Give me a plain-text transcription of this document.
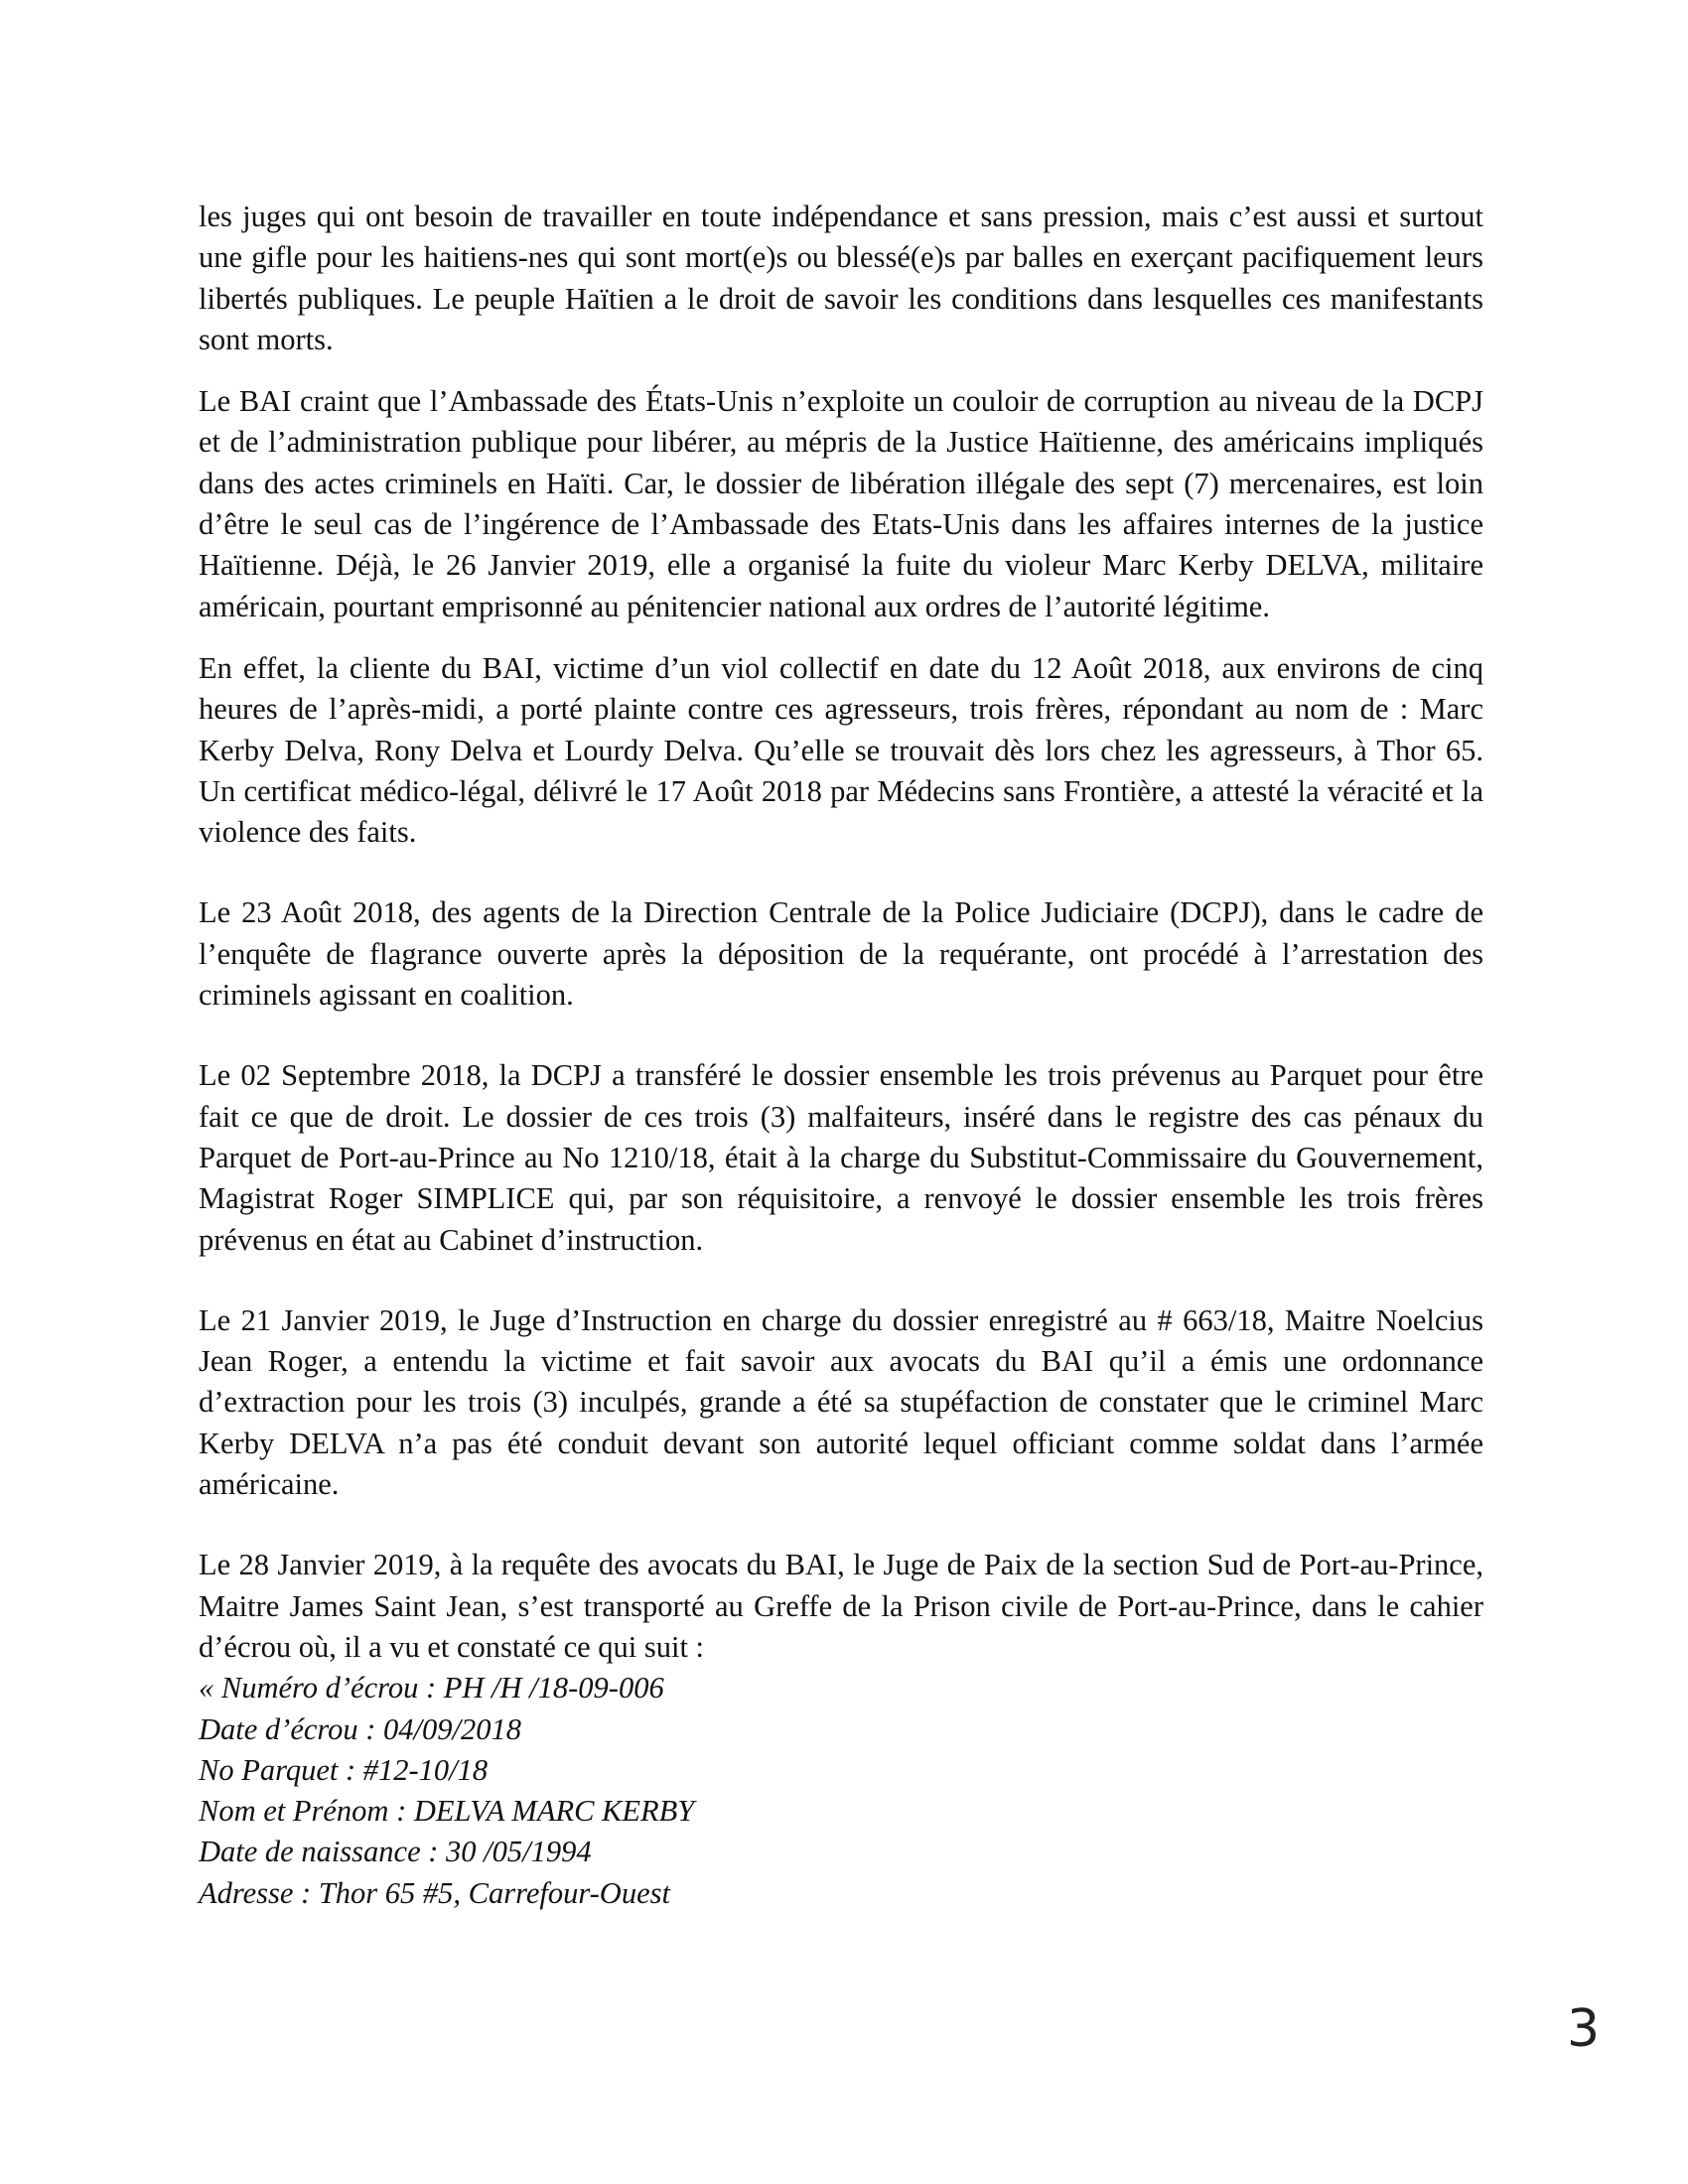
les juges qui ont besoin de travailler en toute indépendance et sans pression, mais c’est aussi et surtout une gifle pour les haitiens-nes qui sont mort(e)s ou blessé(e)s par balles en exerçant pacifiquement leurs libertés publiques. Le peuple Haïtien a le droit de savoir les conditions dans lesquelles ces manifestants sont morts.

Le BAI craint que l’Ambassade des États-Unis n’exploite un couloir de corruption au niveau de la DCPJ et de l’administration publique pour libérer, au mépris de la Justice Haïtienne, des américains impliqués dans des actes criminels en Haïti. Car, le dossier de libération illégale des sept (7) mercenaires, est loin d’être le seul cas de l’ingérence de l’Ambassade des Etats-Unis dans les affaires internes de la justice Haïtienne. Déjà, le 26 Janvier 2019, elle a organisé la fuite du violeur Marc Kerby DELVA, militaire américain, pourtant emprisonné au pénitencier national aux ordres de l’autorité légitime.

En effet, la cliente du BAI, victime d’un viol collectif en date du 12 Août 2018, aux environs de cinq heures de l’après-midi, a porté plainte contre ces agresseurs, trois frères, répondant au nom de : Marc Kerby Delva, Rony Delva et Lourdy Delva. Qu’elle se trouvait dès lors chez les agresseurs, à Thor 65. Un certificat médico-légal, délivré le 17 Août 2018 par Médecins sans Frontière, a attesté la véracité et la violence des faits.

Le 23 Août 2018, des agents de la Direction Centrale de la Police Judiciaire (DCPJ), dans le cadre de l’enquête de flagrance ouverte après la déposition de la requérante, ont procédé à l’arrestation des criminels agissant en coalition.

Le 02 Septembre 2018, la DCPJ a transféré le dossier ensemble les trois prévenus au Parquet pour être fait ce que de droit. Le dossier de ces trois (3) malfaiteurs, inséré dans le registre des cas pénaux du Parquet de Port-au-Prince au No 1210/18, était à la charge du Substitut-Commissaire du Gouvernement, Magistrat Roger SIMPLICE qui, par son réquisitoire, a renvoyé le dossier ensemble les trois frères prévenus en état au Cabinet d’instruction.

Le 21 Janvier 2019, le Juge d’Instruction en charge du dossier enregistré au # 663/18, Maitre Noelcius Jean Roger, a entendu la victime et fait savoir aux avocats du BAI qu’il a émis une ordonnance d’extraction pour les trois (3) inculpés, grande a été sa stupéfaction de constater que le criminel Marc Kerby DELVA n’a pas été conduit devant son autorité lequel officiant comme soldat dans l’armée américaine.

Le 28 Janvier 2019, à la requête des avocats du BAI, le Juge de Paix de la section Sud de Port-au-Prince, Maitre James Saint Jean, s’est transporté au Greffe de la Prison civile de Port-au-Prince, dans le cahier d’écrou où, il a vu et constaté ce qui suit :

« Numéro d’écrou : PH /H /18-09-006
Date d’écrou : 04/09/2018
No Parquet : #12-10/18
Nom et Prénom : DELVA MARC KERBY
Date de naissance : 30 /05/1994
Adresse : Thor 65 #5, Carrefour-Ouest
3
